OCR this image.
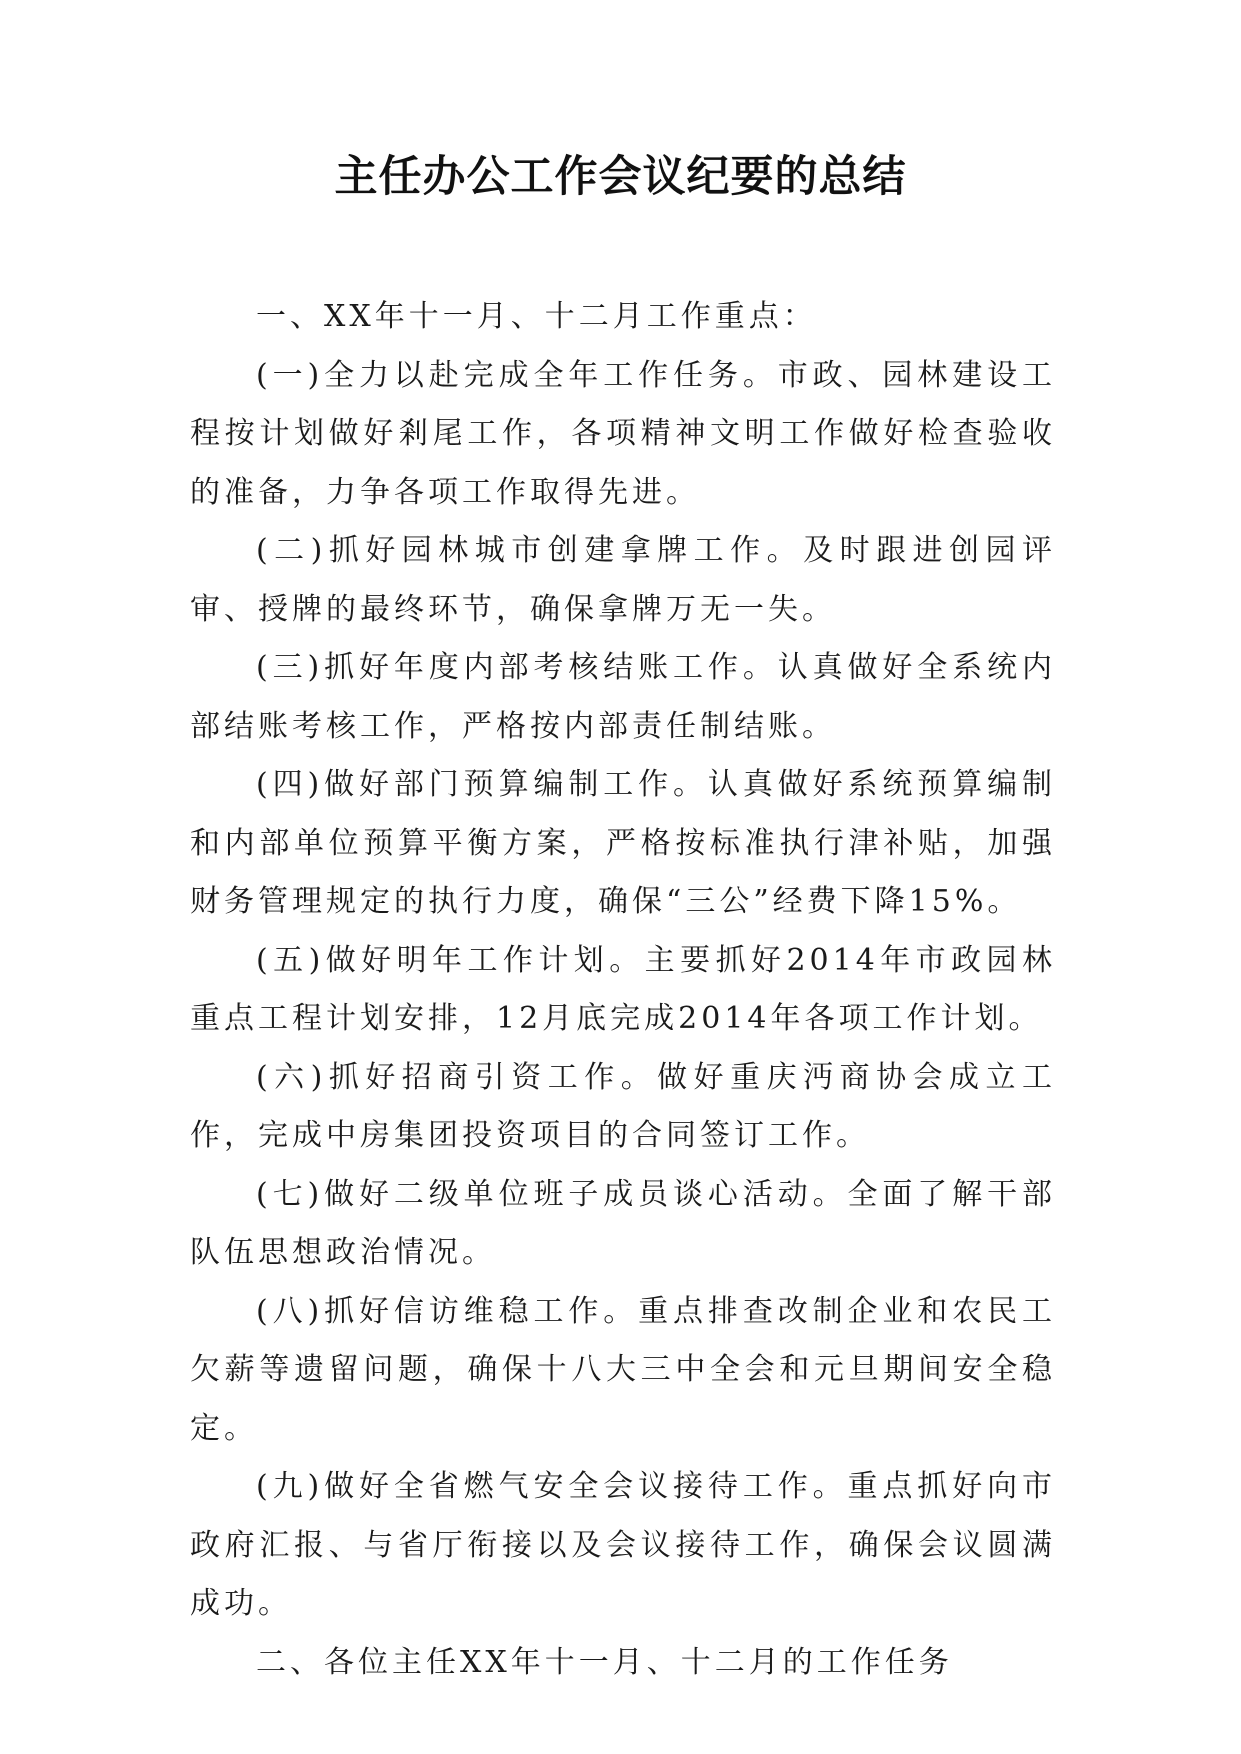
主任办公工作会议纪要的总结

一、XX年十一月、十二月工作重点：

(一)全力以赴完成全年工作任务。市政、园林建设工程按计划做好剎尾工作，各项精神文明工作做好检查验收的准备，力争各项工作取得先进。

(二)抓好园林城市创建拿牌工作。及时跟进创园评审、授牌的最终环节，确保拿牌万无一失。

(三)抓好年度内部考核结账工作。认真做好全系统内部结账考核工作，严格按内部责任制结账。

(四)做好部门预算编制工作。认真做好系统预算编制和内部单位预算平衡方案，严格按标准执行津补贴，加强财务管理规定的执行力度，确保“三公”经费下降15%。

(五)做好明年工作计划。主要抓好2014年市政园林重点工程计划安排，12月底完成2014年各项工作计划。

(六)抓好招商引资工作。做好重庆沔商协会成立工作，完成中房集团投资项目的合同签订工作。

(七)做好二级单位班子成员谈心活动。全面了解干部队伍思想政治情况。

(八)抓好信访维稳工作。重点排查改制企业和农民工欠薪等遗留问题，确保十八大三中全会和元旦期间安全稳定。

(九)做好全省燃气安全会议接待工作。重点抓好向市政府汇报、与省厅衔接以及会议接待工作，确保会议圆满成功。

二、各位主任XX年十一月、十二月的工作任务
